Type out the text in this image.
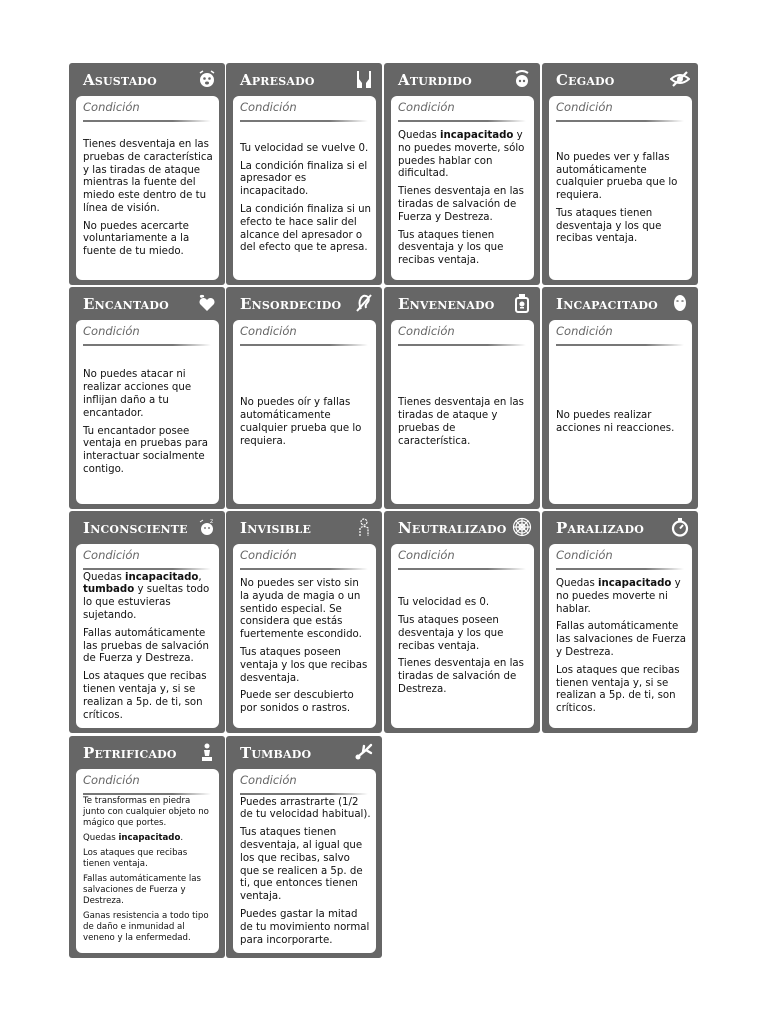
Asustado
Condición

Tienes desventaja en las pruebas de característica y las tiradas de ataque mientras la fuente del miedo este dentro de tu línea de visión.

No puedes acercarte voluntariamente a la fuente de tu miedo.

Apresado
Condición

Tu velocidad se vuelve 0.

La condición finaliza si el apresador es incapacitado.

La condición finaliza si un efecto te hace salir del alcance del apresador o del efecto que te apresa.

Aturdido
Condición

Quedas incapacitado y no puedes moverte, sólo puedes hablar con dificultad.

Tienes desventaja en las tiradas de salvación de Fuerza y Destreza.

Tus ataques tienen desventaja y los que recibas ventaja.

Cegado
Condición

No puedes ver y fallas automáticamente cualquier prueba que lo requiera.

Tus ataques tienen desventaja y los que recibas ventaja.

Encantado
Condición

No puedes atacar ni realizar acciones que inflijan daño a tu encantador.

Tu encantador posee ventaja en pruebas para interactuar socialmente contigo.

Ensordecido
Condición

No puedes oír y fallas automáticamente cualquier prueba que lo requiera.

Envenenado
Condición

Tienes desventaja en las tiradas de ataque y pruebas de característica.

Incapacitado
Condición

No puedes realizar acciones ni reacciones.

Inconsciente	z
Condición

Quedas incapacitado, tumbado y sueltas todo lo que estuvieras sujetando.

Fallas automáticamente las pruebas de salvación de Fuerza y Destreza.

Los ataques que recibas tienen ventaja y, si se realizan a 5p. de ti, son críticos.

Invisible
Condición

No puedes ser visto sin la ayuda de magia o un sentido especial. Se considera que estás fuertemente escondido.

Tus ataques poseen ventaja y los que recibas desventaja.

Puede ser descubierto por sonidos o rastros.

Neutralizado
Condición

Tu velocidad es 0.

Tus ataques poseen desventaja y los que recibas ventaja.

Tienes desventaja en las tiradas de salvación de Destreza.

Paralizado
Condición

Quedas incapacitado y no puedes moverte ni hablar.

Fallas automáticamente las salvaciones de Fuerza y Destreza.

Los ataques que recibas tienen ventaja y, si se realizan a 5p. de ti, son críticos.

Petrificado
Condición

Te transformas en piedra junto con cualquier objeto no mágico que portes.

Quedas incapacitado.

Los ataques que recibas tienen ventaja.

Fallas automáticamente las salvaciones de Fuerza y Destreza.

Ganas resistencia a todo tipo de daño e inmunidad al veneno y la enfermedad.

Tumbado
Condición

Puedes arrastrarte (1/2 de tu velocidad habitual).

Tus ataques tienen desventaja, al igual que los que recibas, salvo que se realicen a 5p. de ti, que entonces tienen ventaja.

Puedes gastar la mitad de tu movimiento normal para incorporarte.
